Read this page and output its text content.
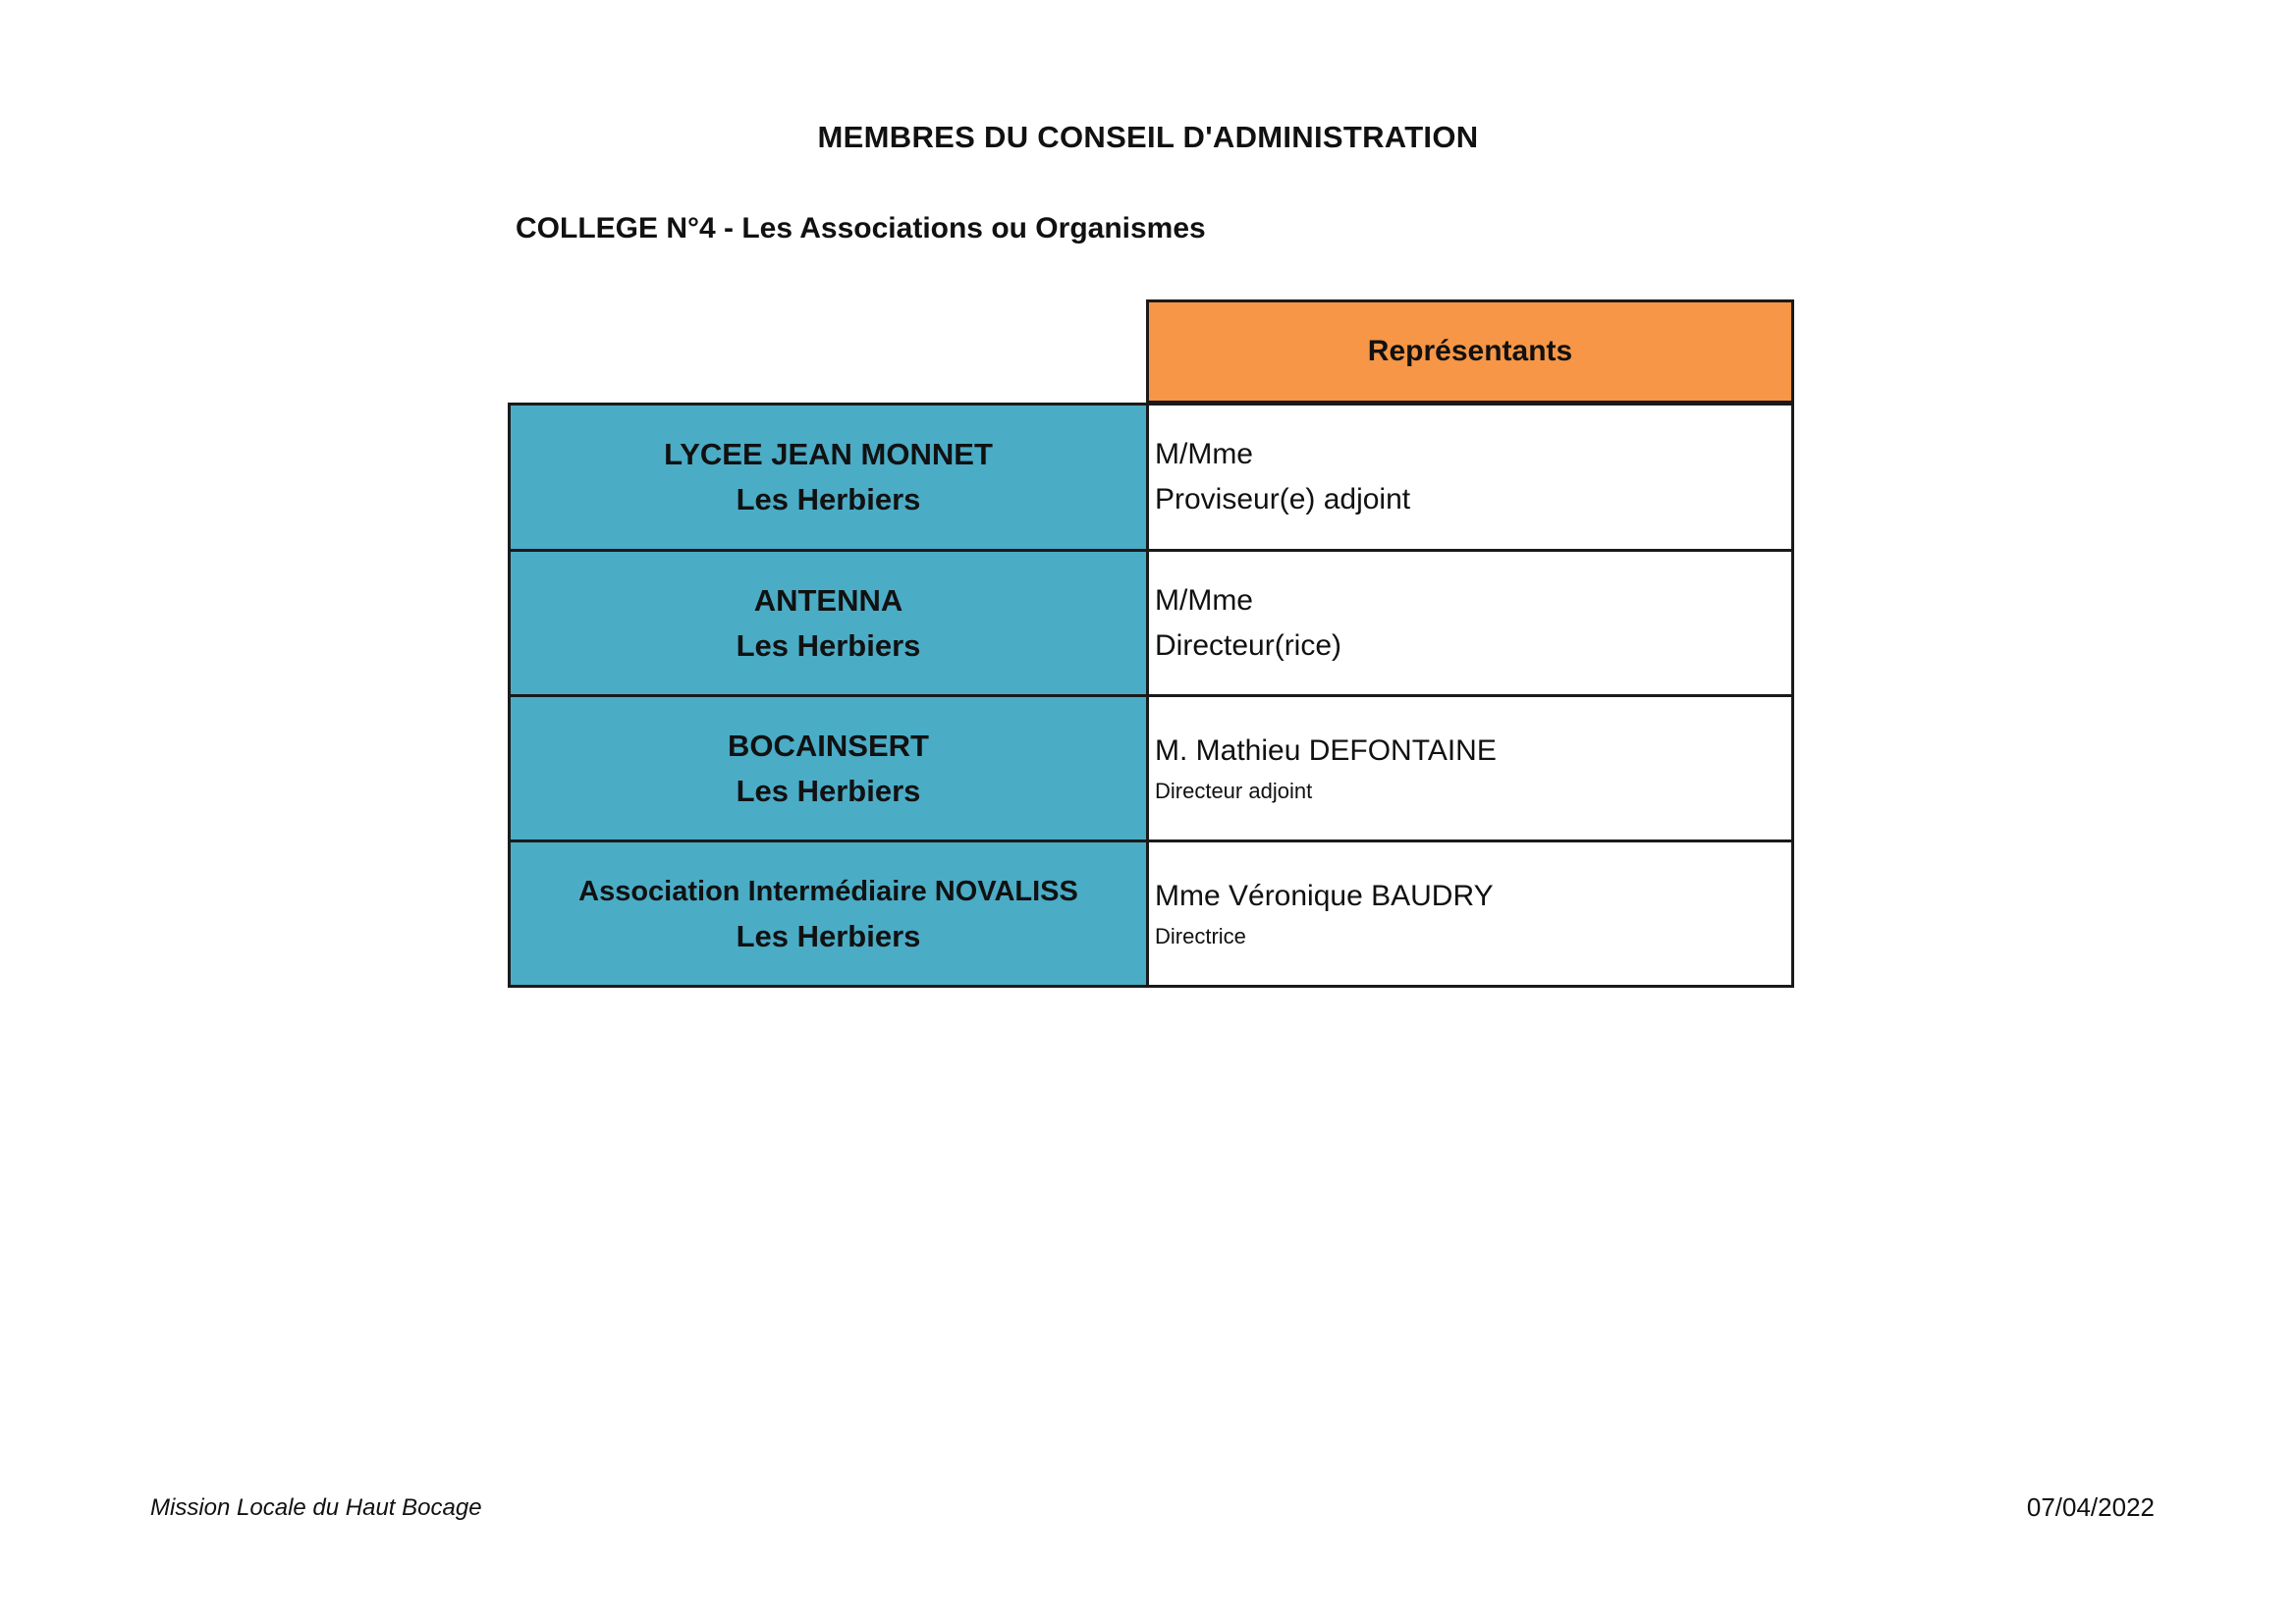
MEMBRES DU CONSEIL D'ADMINISTRATION
COLLEGE N°4 - Les Associations ou Organismes
Représentants
LYCEE JEAN MONNET
Les Herbiers
M/Mme
Proviseur(e) adjoint
ANTENNA
Les Herbiers
M/Mme
Directeur(rice)
BOCAINSERT
Les Herbiers
M. Mathieu DEFONTAINE
Directeur adjoint
Association Intermédiaire NOVALISS
Les Herbiers
Mme Véronique BAUDRY
Directrice
Mission Locale du Haut Bocage	07/04/2022
